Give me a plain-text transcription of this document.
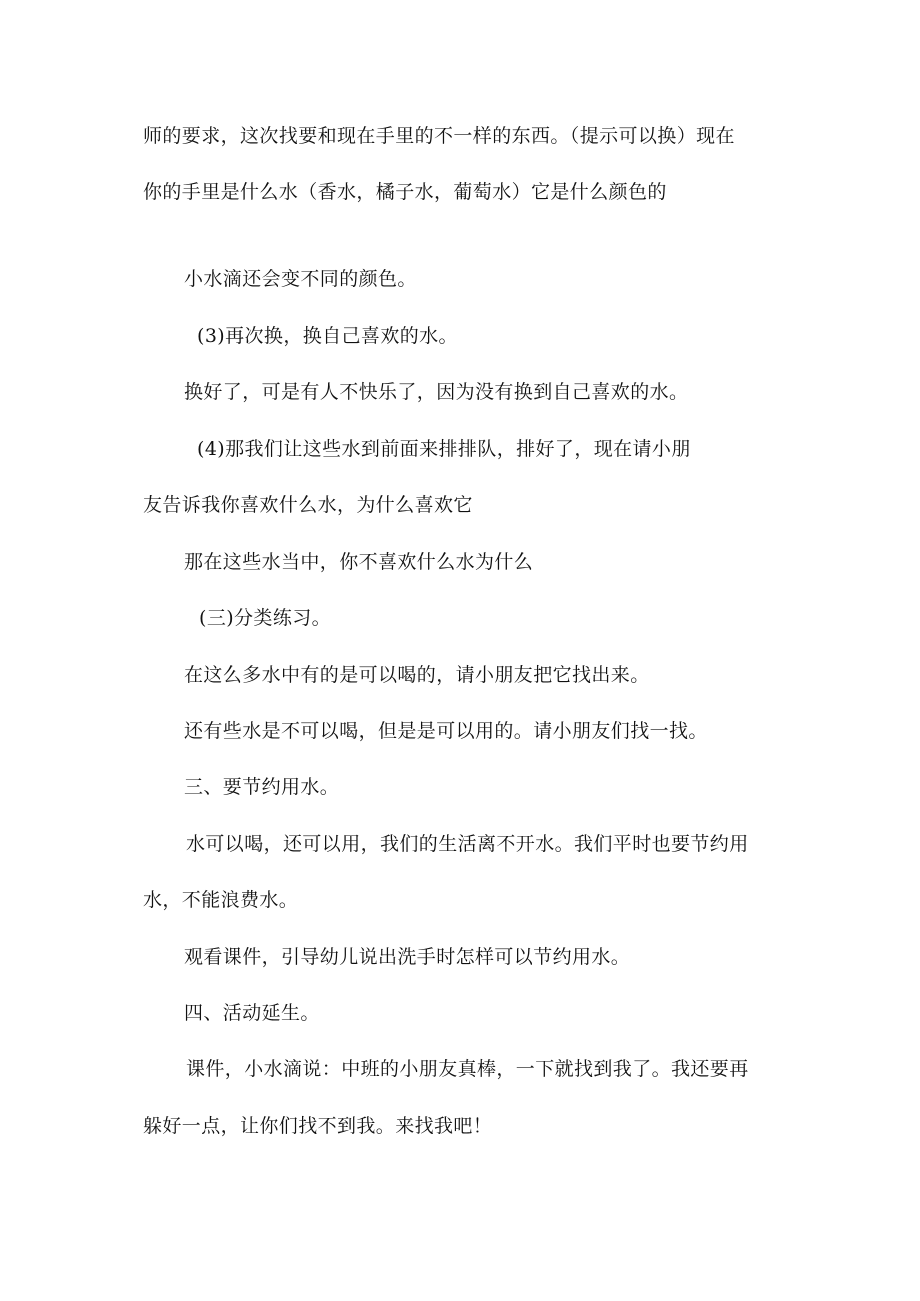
师的要求，这次找要和现在手里的不一样的东西。（提示可以换）现在
你的手里是什么水（香水，橘子水，葡萄水）它是什么颜色的
小水滴还会变不同的颜色。
(3)再次换，换自己喜欢的水。
换好了，可是有人不快乐了，因为没有换到自己喜欢的水。
(4)那我们让这些水到前面来排排队，排好了，现在请小朋
友告诉我你喜欢什么水，为什么喜欢它
那在这些水当中，你不喜欢什么水为什么
(三)分类练习。
在这么多水中有的是可以喝的，请小朋友把它找出来。
还有些水是不可以喝，但是是可以用的。请小朋友们找一找。
三、要节约用水。
水可以喝，还可以用，我们的生活离不开水。我们平时也要节约用
水，不能浪费水。
观看课件，引导幼儿说出洗手时怎样可以节约用水。
四、活动延生。
课件，小水滴说：中班的小朋友真棒，一下就找到我了。我还要再
躲好一点，让你们找不到我。来找我吧！
